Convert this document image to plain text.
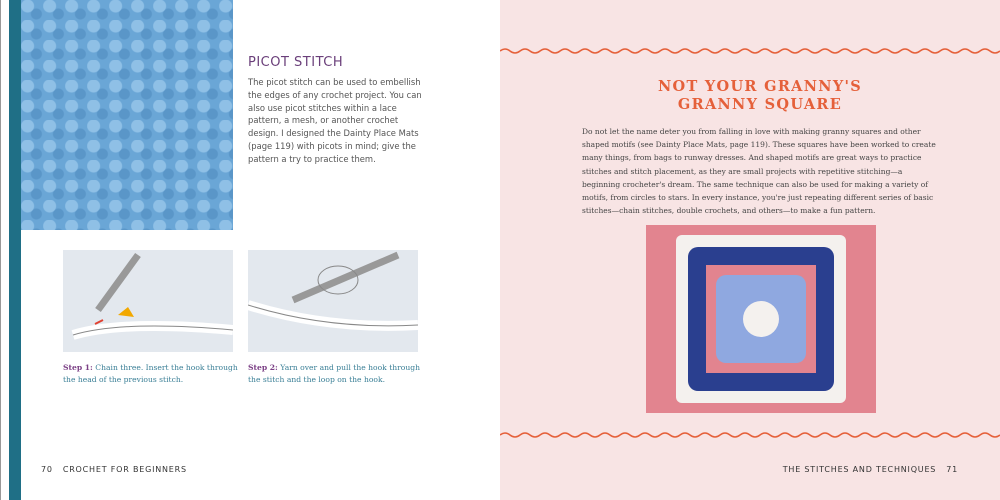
PICOT STITCH
The picot stitch can be used to embellish the edges of any crochet project. You can also use picot stitches within a lace pattern, a mesh, or another crochet design. I designed the Dainty Place Mats (page 119) with picots in mind; give the pattern a try to practice them.
Step 1: Chain three. Insert the hook through the head of the previous stitch.
Step 2: Yarn over and pull the hook through the stitch and the loop on the hook.
70 CROCHET FOR BEGINNERS
NOT YOUR GRANNY'S
GRANNY SQUARE
Do not let the name deter you from falling in love with making granny squares and other shaped motifs (see Dainty Place Mats, page 119). These squares have been worked to create many things, from bags to runway dresses. And shaped motifs are great ways to practice stitches and stitch placement, as they are small projects with repetitive stitching—a beginning crocheter's dream. The same technique can also be used for making a variety of motifs, from circles to stars. In every instance, you're just repeating different series of basic stitches—chain stitches, double crochets, and others—to make a fun pattern.
THE STITCHES AND TECHNIQUES 71
